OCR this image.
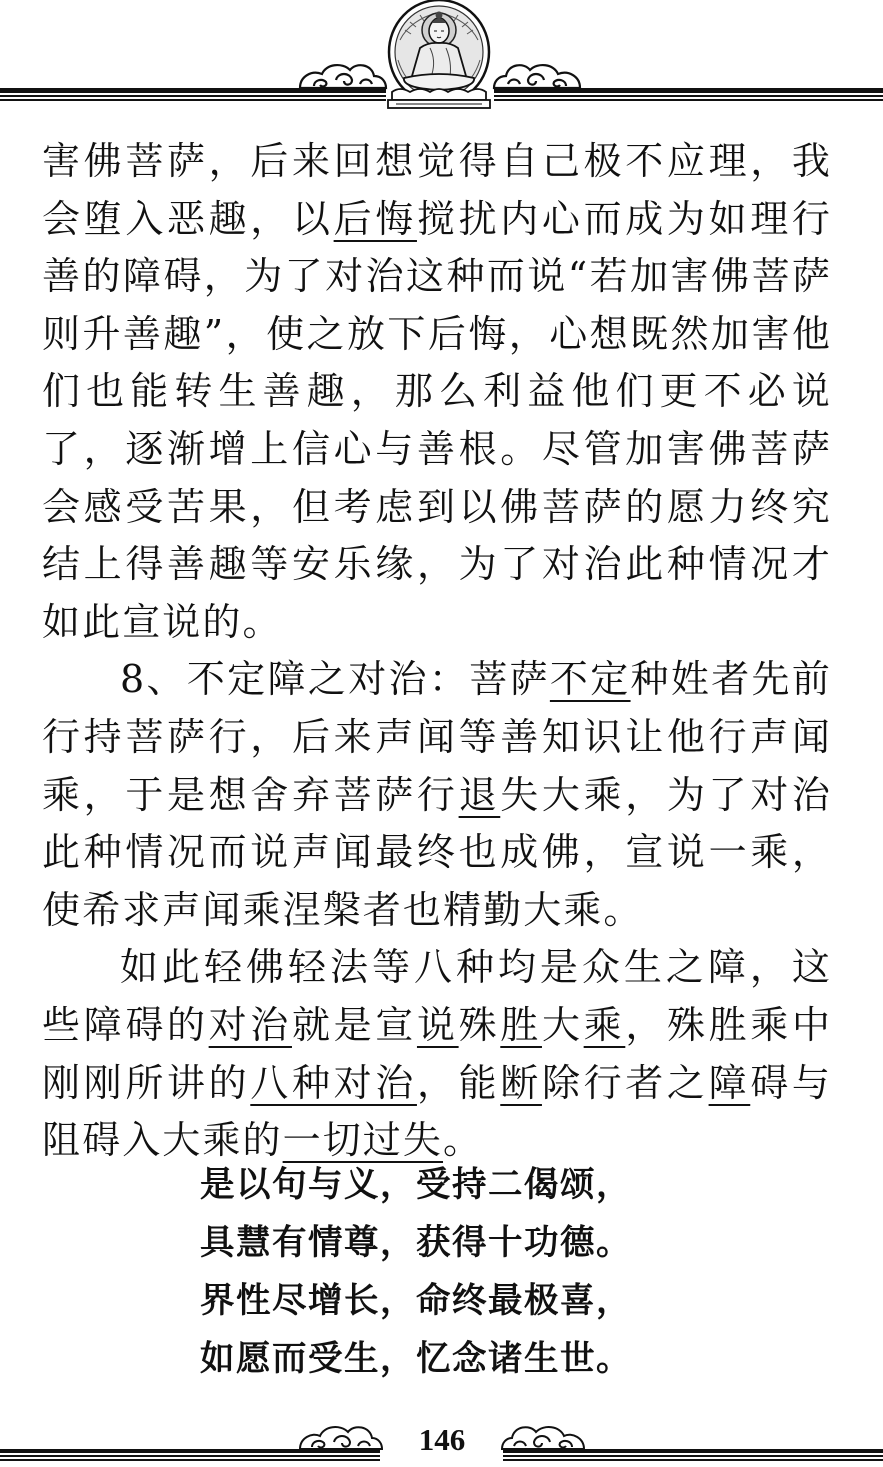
害佛菩萨，后来回想觉得自己极不应理，我会堕入恶趣，以后悔搅扰内心而成为如理行善的障碍，为了对治这种而说“若加害佛菩萨则升善趣”，使之放下后悔，心想既然加害他们也能转生善趣，那么利益他们更不必说了，逐渐增上信心与善根。尽管加害佛菩萨会感受苦果，但考虑到以佛菩萨的愿力终究结上得善趣等安乐缘，为了对治此种情况才如此宣说的。

8、不定障之对治：菩萨不定种姓者先前行持菩萨行，后来声闻等善知识让他行声闻乘，于是想舍弃菩萨行退失大乘，为了对治此种情况而说声闻最终也成佛，宣说一乘，使希求声闻乘涅槃者也精勤大乘。

如此轻佛轻法等八种均是众生之障，这些障碍的对治就是宣说殊胜大乘，殊胜乘中刚刚所讲的八种对治，能断除行者之障碍与阻碍入大乘的一切过失。

是以句与义，受持二偈颂，
具慧有情尊，获得十功德。
界性尽增长，命终最极喜，
如愿而受生，忆念诸生世。
146
